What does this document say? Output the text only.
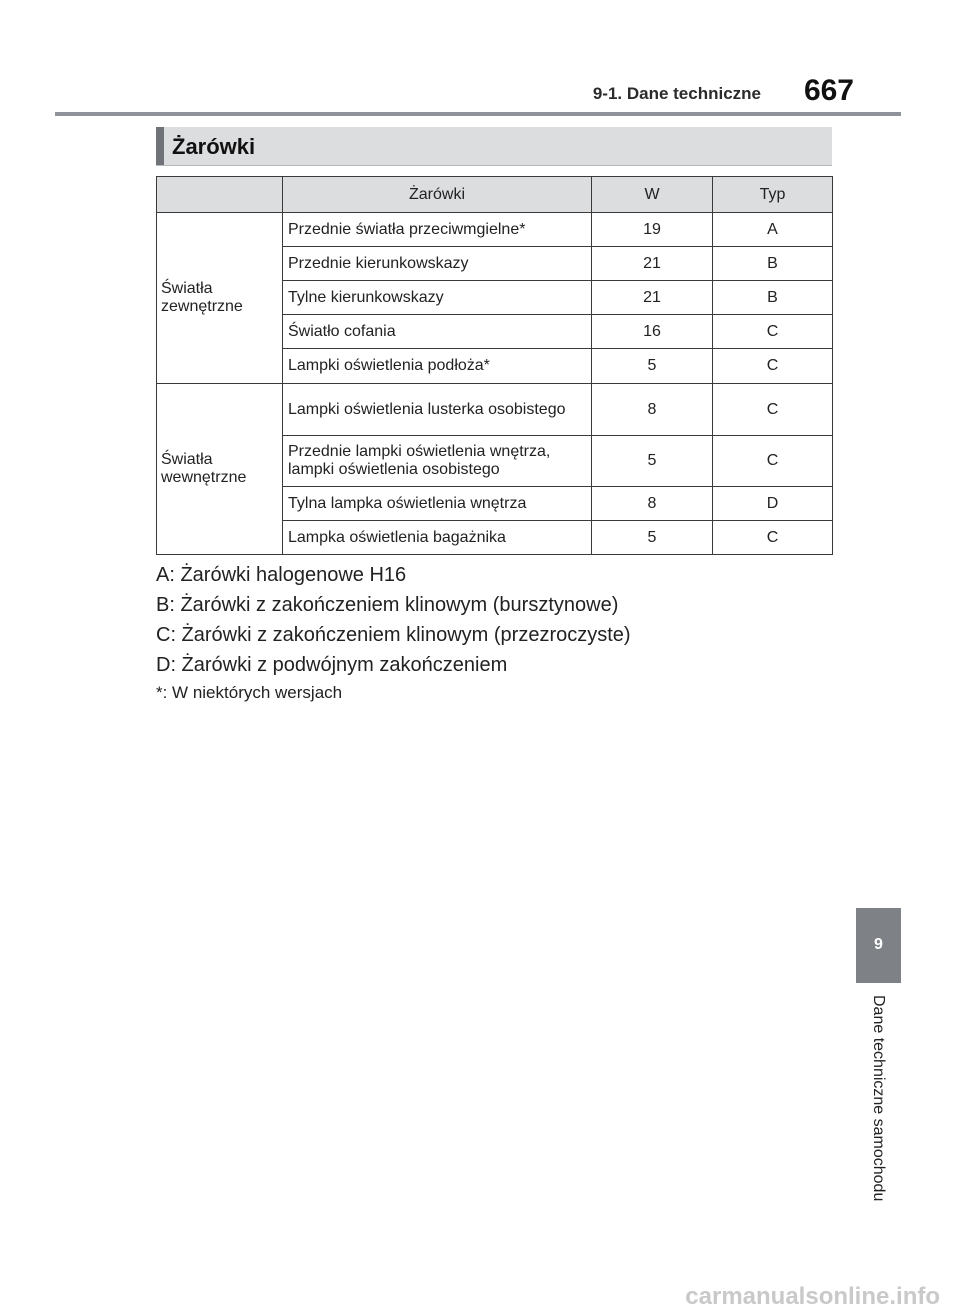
9-1. Dane techniczne 667
Żarówki
	Żarówki	W	Typ
Światła zewnętrzne	Przednie światła przeciwmgielne*	19	A
	Przednie kierunkowskazy	21	B
	Tylne kierunkowskazy	21	B
	Światło cofania	16	C
	Lampki oświetlenia podłoża*	5	C
Światła wewnętrzne	Lampki oświetlenia lusterka osobistego	8	C
	Przednie lampki oświetlenia wnętrza, lampki oświetlenia osobistego	5	C
	Tylna lampka oświetlenia wnętrza	8	D
	Lampka oświetlenia bagażnika	5	C
A: Żarówki halogenowe H16
B: Żarówki z zakończeniem klinowym (bursztynowe)
C: Żarówki z zakończeniem klinowym (przezroczyste)
D: Żarówki z podwójnym zakończeniem
*: W niektórych wersjach
9
Dane techniczne samochodu
carmanualsonline.info
